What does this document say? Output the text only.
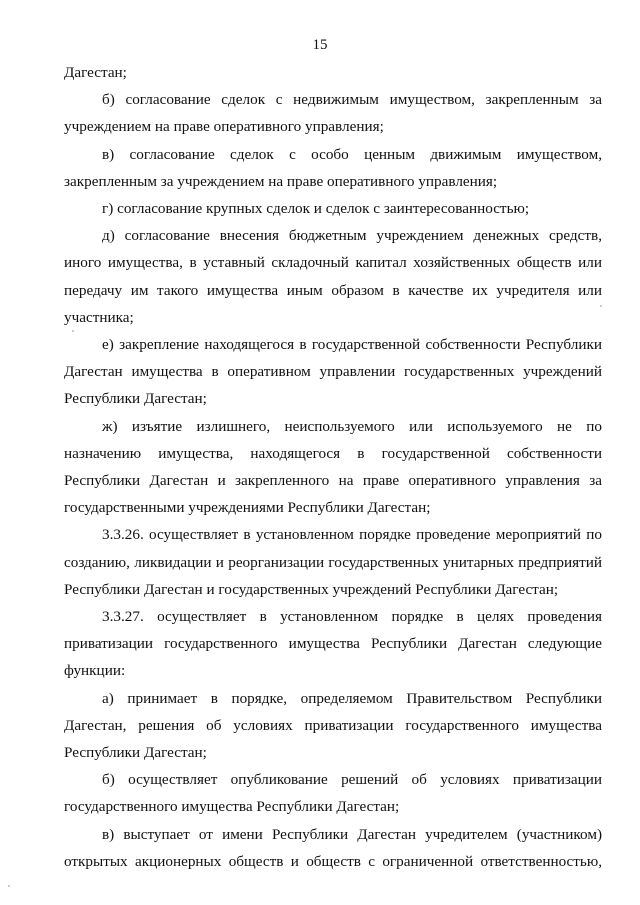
15

Дагестан;

б) согласование сделок с недвижимым имуществом, закрепленным за учреждением на праве оперативного управления;

в) согласование сделок с особо ценным движимым имуществом, закрепленным за учреждением на праве оперативного управления;

г) согласование крупных сделок и сделок с заинтересованностью;

д) согласование внесения бюджетным учреждением денежных средств, иного имущества, в уставный складочный капитал хозяйственных обществ или передачу им такого имущества иным образом в качестве их учредителя или участника;

е) закрепление находящегося в государственной собственности Республики Дагестан имущества в оперативном управлении государственных учреждений Республики Дагестан;

ж) изъятие излишнего, неиспользуемого или используемого не по назначению имущества, находящегося в государственной собственности Республики Дагестан и закрепленного на праве оперативного управления за государственными учреждениями Республики Дагестан;

3.3.26. осуществляет в установленном порядке проведение мероприятий по созданию, ликвидации и реорганизации государственных унитарных предприятий Республики Дагестан и государственных учреждений Республики Дагестан;

3.3.27. осуществляет в установленном порядке в целях проведения приватизации государственного имущества Республики Дагестан следующие функции:

а) принимает в порядке, определяемом Правительством Республики Дагестан, решения об условиях приватизации государственного имущества Республики Дагестан;

б) осуществляет опубликование решений об условиях приватизации государственного имущества Республики Дагестан;

в) выступает от имени Республики Дагестан учредителем (участником) открытых акционерных обществ и обществ с ограниченной ответственностью,
